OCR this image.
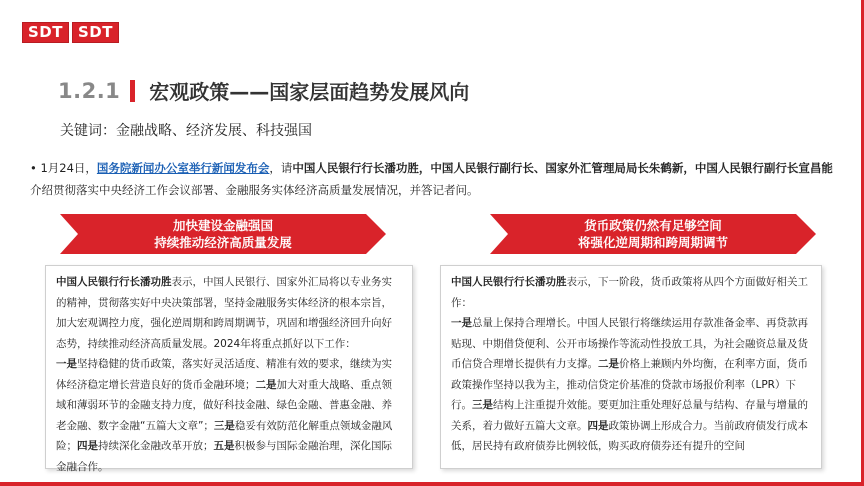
SDT	SDT
1.2.1 宏观政策——国家层面趋势发展风向
关键词：金融战略、经济发展、科技强国
• 1月24日，国务院新闻办公室举行新闻发布会，请中国人民银行行长潘功胜，中国人民银行副行长、国家外汇管理局局长朱鹤新，中国人民银行副行长宣昌能介绍贯彻落实中央经济工作会议部署、金融服务实体经济高质量发展情况，并答记者问。
加快建设金融强国
持续推动经济高质量发展
货币政策仍然有足够空间
将强化逆周期和跨周期调节
中国人民银行行长潘功胜表示，中国人民银行、国家外汇局将以专业务实的精神，贯彻落实好中央决策部署，坚持金融服务实体经济的根本宗旨，加大宏观调控力度，强化逆周期和跨周期调节，巩固和增强经济回升向好态势，持续推动经济高质量发展。2024年将重点抓好以下工作：
一是坚持稳健的货币政策，落实好灵活适度、精准有效的要求，继续为实体经济稳定增长营造良好的货币金融环境；二是加大对重大战略、重点领域和薄弱环节的金融支持力度，做好科技金融、绿色金融、普惠金融、养老金融、数字金融“五篇大文章”；三是稳妥有效防范化解重点领域金融风险；四是持续深化金融改革开放；五是积极参与国际金融治理，深化国际金融合作。
中国人民银行行长潘功胜表示，下一阶段，货币政策将从四个方面做好相关工作：
一是总量上保持合理增长。中国人民银行将继续运用存款准备金率、再贷款再贴现、中期借贷便利、公开市场操作等流动性投放工具，为社会融资总量及货币信贷合理增长提供有力支撑。二是价格上兼顾内外均衡，在利率方面，货币政策操作坚持以我为主，推动信贷定价基准的贷款市场报价利率（LPR）下行。三是结构上注重提升效能。要更加注重处理好总量与结构、存量与增量的关系，着力做好五篇大文章。四是政策协调上形成合力。当前政府债发行成本低，居民持有政府债券比例较低，购买政府债券还有提升的空间
